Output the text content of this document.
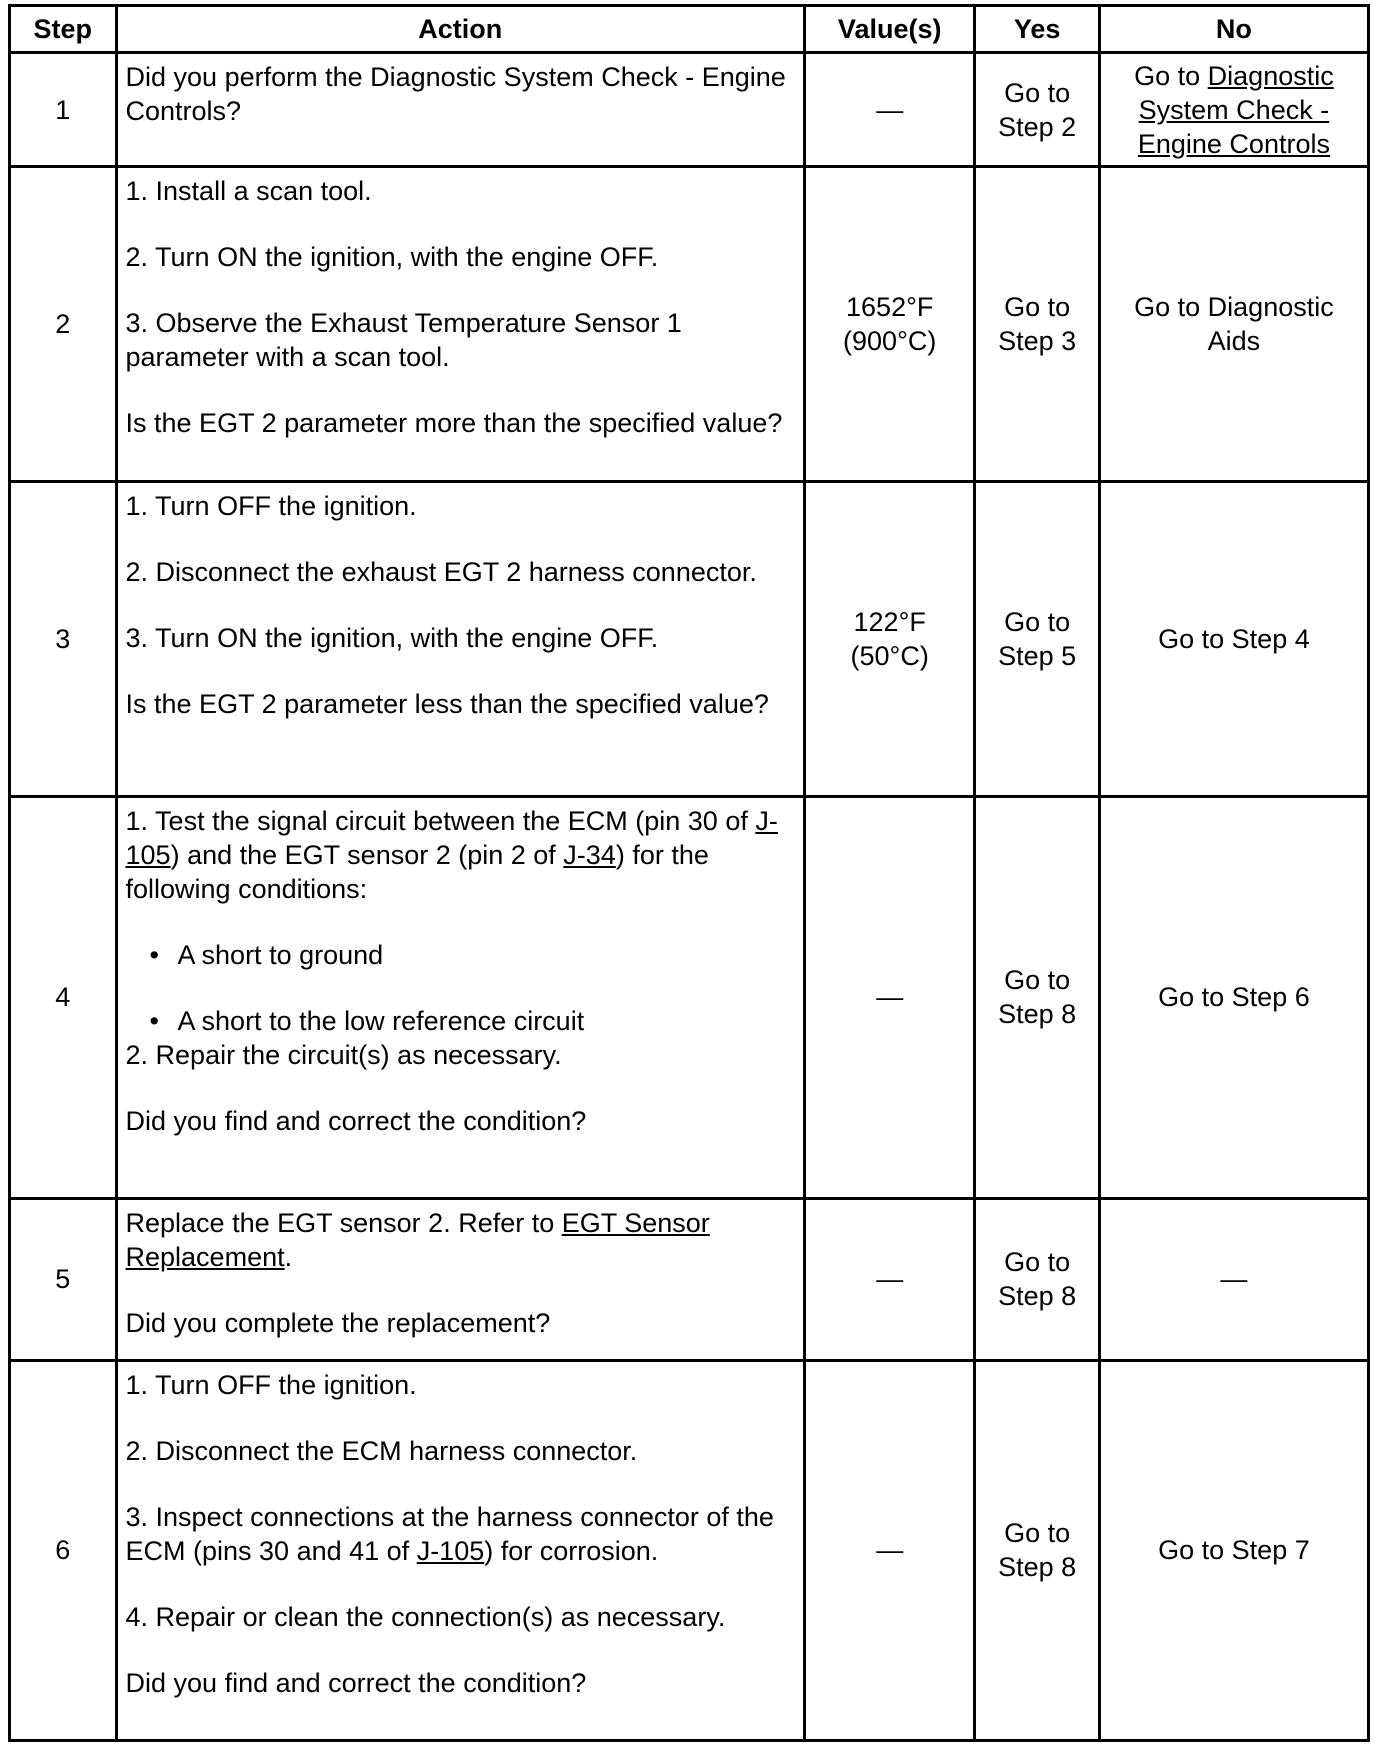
Step	Action	Value(s)	Yes	No
1	Did you perform the Diagnostic System Check - Engine Controls?	—	Go to Step 2	Go to Diagnostic System Check - Engine Controls
2	1. Install a scan tool.
2. Turn ON the ignition, with the engine OFF.
3. Observe the Exhaust Temperature Sensor 1 parameter with a scan tool.
Is the EGT 2 parameter more than the specified value?	1652°F (900°C)	Go to Step 3	Go to Diagnostic Aids
3	1. Turn OFF the ignition.
2. Disconnect the exhaust EGT 2 harness connector.
3. Turn ON the ignition, with the engine OFF.
Is the EGT 2 parameter less than the specified value?	122°F (50°C)	Go to Step 5	Go to Step 4
4	1. Test the signal circuit between the ECM (pin 30 of J-105) and the EGT sensor 2 (pin 2 of J-34) for the following conditions:
• A short to ground
• A short to the low reference circuit
2. Repair the circuit(s) as necessary.
Did you find and correct the condition?	—	Go to Step 8	Go to Step 6
5	Replace the EGT sensor 2. Refer to EGT Sensor Replacement.
Did you complete the replacement?	—	Go to Step 8	—
6	1. Turn OFF the ignition.
2. Disconnect the ECM harness connector.
3. Inspect connections at the harness connector of the ECM (pins 30 and 41 of J-105) for corrosion.
4. Repair or clean the connection(s) as necessary.
Did you find and correct the condition?	—	Go to Step 8	Go to Step 7
